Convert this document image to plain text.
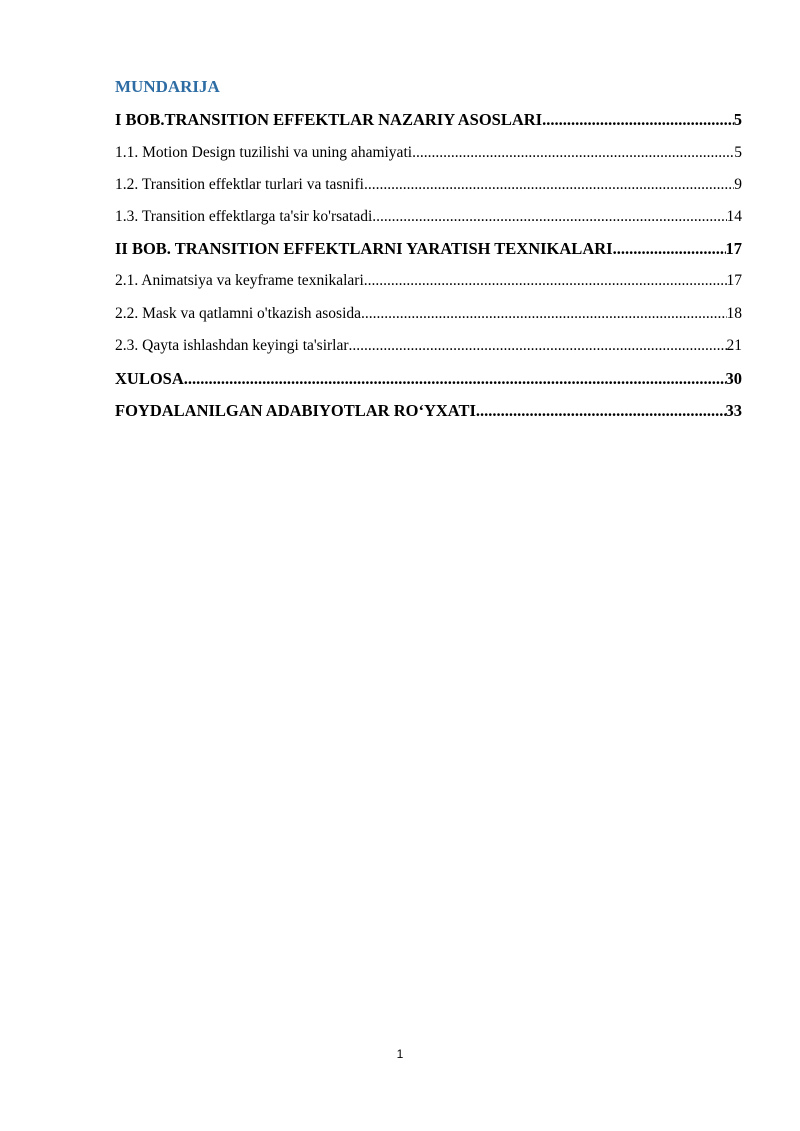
MUNDARIJA
I BOB.TRANSITION EFFEKTLAR NAZARIY ASOSLARI .....	5
1.1. Motion Design tuzilishi va uning ahamiyati .....	5
1.2. Transition effektlar turlari va tasnifi .....	9
1.3. Transition effektlarga ta'sir ko'rsatadi .....	14
II BOB. TRANSITION EFFEKTLARNI YARATISH TEXNIKALARI .....	17
2.1. Animatsiya va keyframe texnikalari .....	17
2.2. Mask va qatlamni o'tkazish asosida .....	18
2.3. Qayta ishlashdan keyingi ta'sirlar .....	21
XULOSA .....	30
FOYDALANILGAN ADABIYOTLAR RO‘YXATI .....	33
1
